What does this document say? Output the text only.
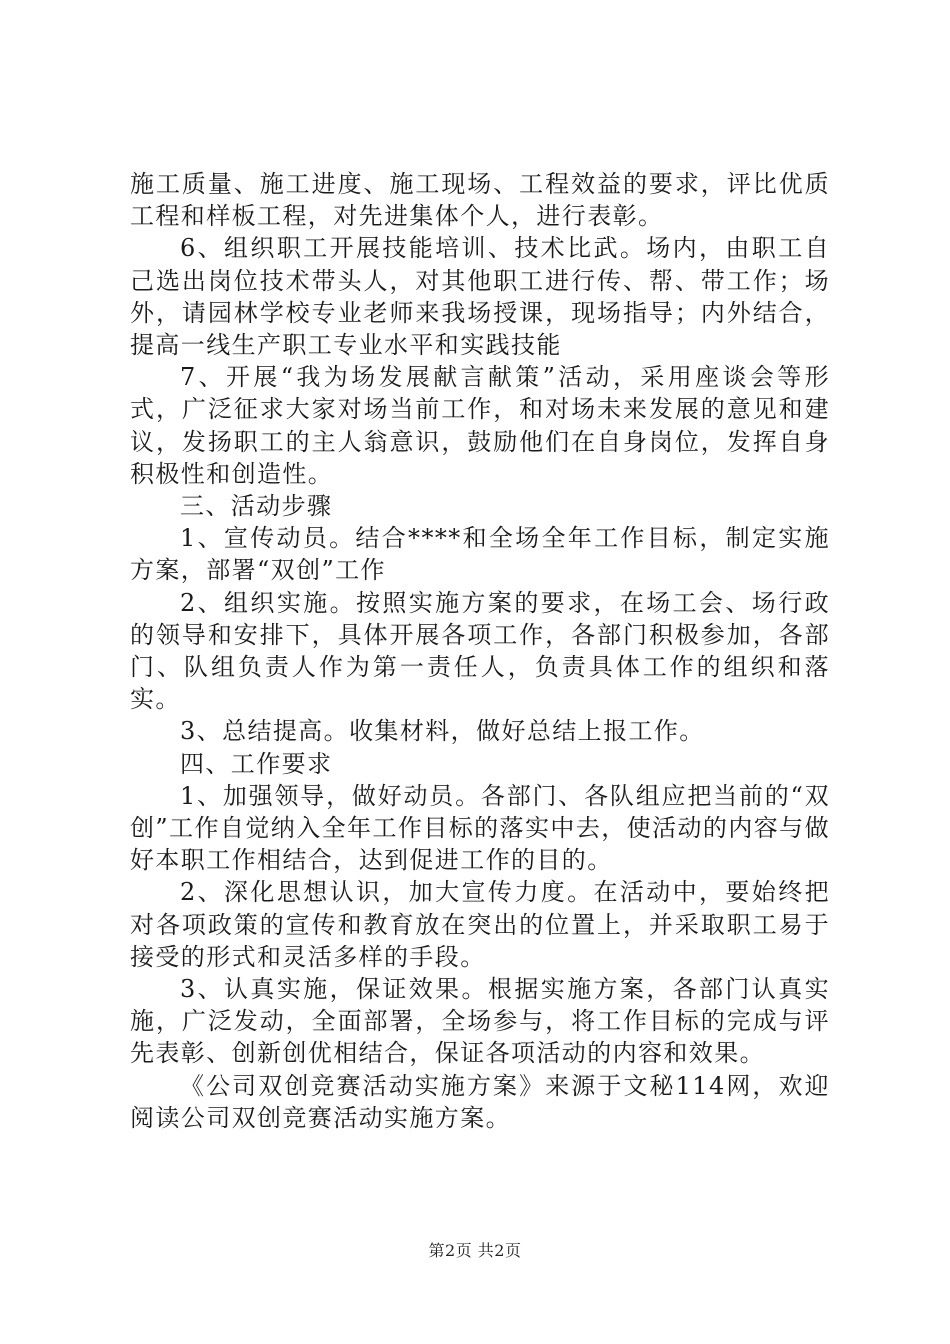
施工质量、施工进度、施工现场、工程效益的要求，评比优质工程和样板工程，对先进集体个人，进行表彰。

6、组织职工开展技能培训、技术比武。场内，由职工自己选出岗位技术带头人，对其他职工进行传、帮、带工作；场外，请园林学校专业老师来我场授课，现场指导；内外结合，提高一线生产职工专业水平和实践技能

7、开展“我为场发展献言献策”活动，采用座谈会等形式，广泛征求大家对场当前工作，和对场未来发展的意见和建议，发扬职工的主人翁意识，鼓励他们在自身岗位，发挥自身积极性和创造性。

三、活动步骤

1、宣传动员。结合****和全场全年工作目标，制定实施方案，部署“双创”工作

2、组织实施。按照实施方案的要求，在场工会、场行政的领导和安排下，具体开展各项工作，各部门积极参加，各部门、队组负责人作为第一责任人，负责具体工作的组织和落实。

3、总结提高。收集材料，做好总结上报工作。

四、工作要求

1、加强领导，做好动员。各部门、各队组应把当前的“双创”工作自觉纳入全年工作目标的落实中去，使活动的内容与做好本职工作相结合，达到促进工作的目的。

2、深化思想认识，加大宣传力度。在活动中，要始终把对各项政策的宣传和教育放在突出的位置上，并采取职工易于接受的形式和灵活多样的手段。

3、认真实施，保证效果。根据实施方案，各部门认真实施，广泛发动，全面部署，全场参与，将工作目标的完成与评先表彰、创新创优相结合，保证各项活动的内容和效果。

《公司双创竞赛活动实施方案》来源于文秘114网，欢迎阅读公司双创竞赛活动实施方案。

第2页 共2页
